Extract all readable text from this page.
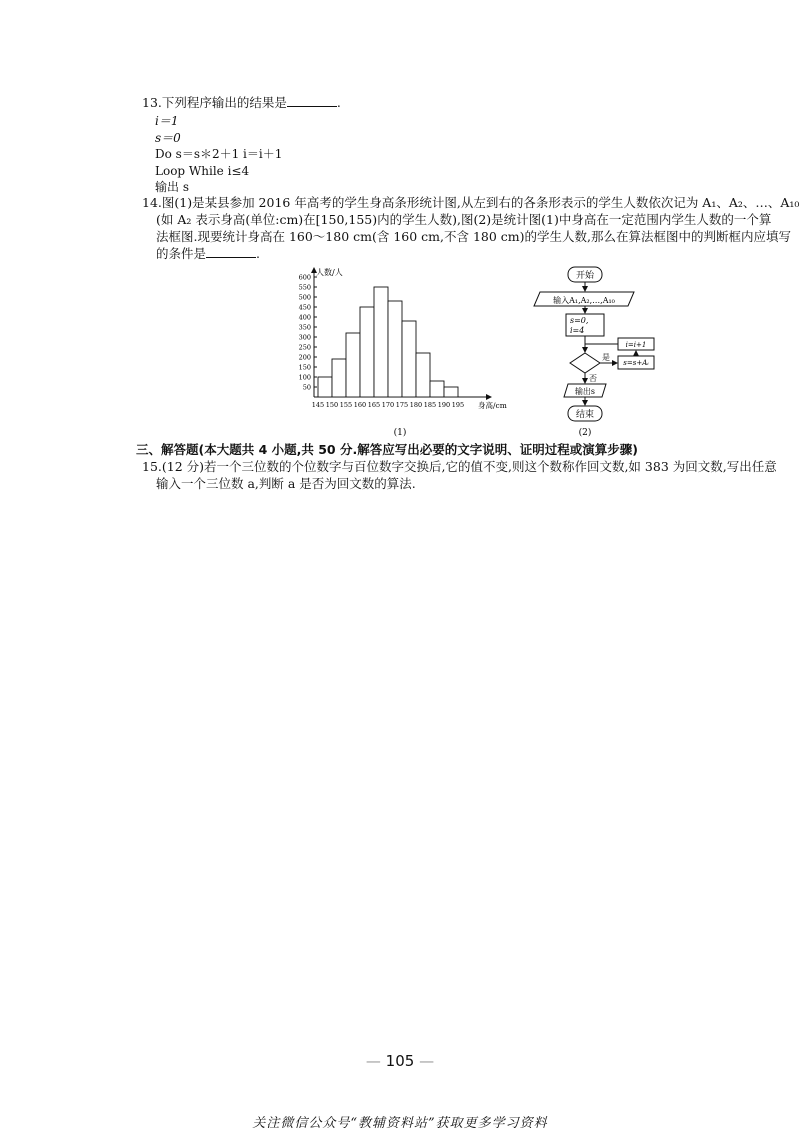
13.下列程序输出的结果是	.
i＝1
s＝0
Do s＝s＊2＋1 i＝i＋1
Loop While i≤4
输出 s
14.图(1)是某县参加 2016 年高考的学生身高条形统计图,从左到右的各条形表示的学生人数依次记为 A₁、A₂、…、A₁₀
(如 A₂ 表示身高(单位:cm)在[150,155)内的学生人数),图(2)是统计图(1)中身高在一定范围内学生人数的一个算
法框图.现要统计身高在 160～180 cm(含 160 cm,不含 180 cm)的学生人数,那么在算法框图中的判断框内应填写
的条件是	.
50
100
150
200
250
300
350
400
450
500
550
600
145 150 155 160 165 170 175 180 185 190 195
人数/人
身高/cm
(1)
开始
输入A₁,A₂,…,A₁₀
s=0,
i=4
是
s=s+Aᵢ
i=i+1
否
输出s
结束
(2)
三、解答题(本大题共 4 小题,共 50 分.解答应写出必要的文字说明、证明过程或演算步骤)
15.(12 分)若一个三位数的个位数字与百位数字交换后,它的值不变,则这个数称作回文数,如 383 为回文数,写出任意
输入一个三位数 a,判断 a 是否为回文数的算法.
— 105 —
关注微信公众号“教辅资料站”获取更多学习资料
